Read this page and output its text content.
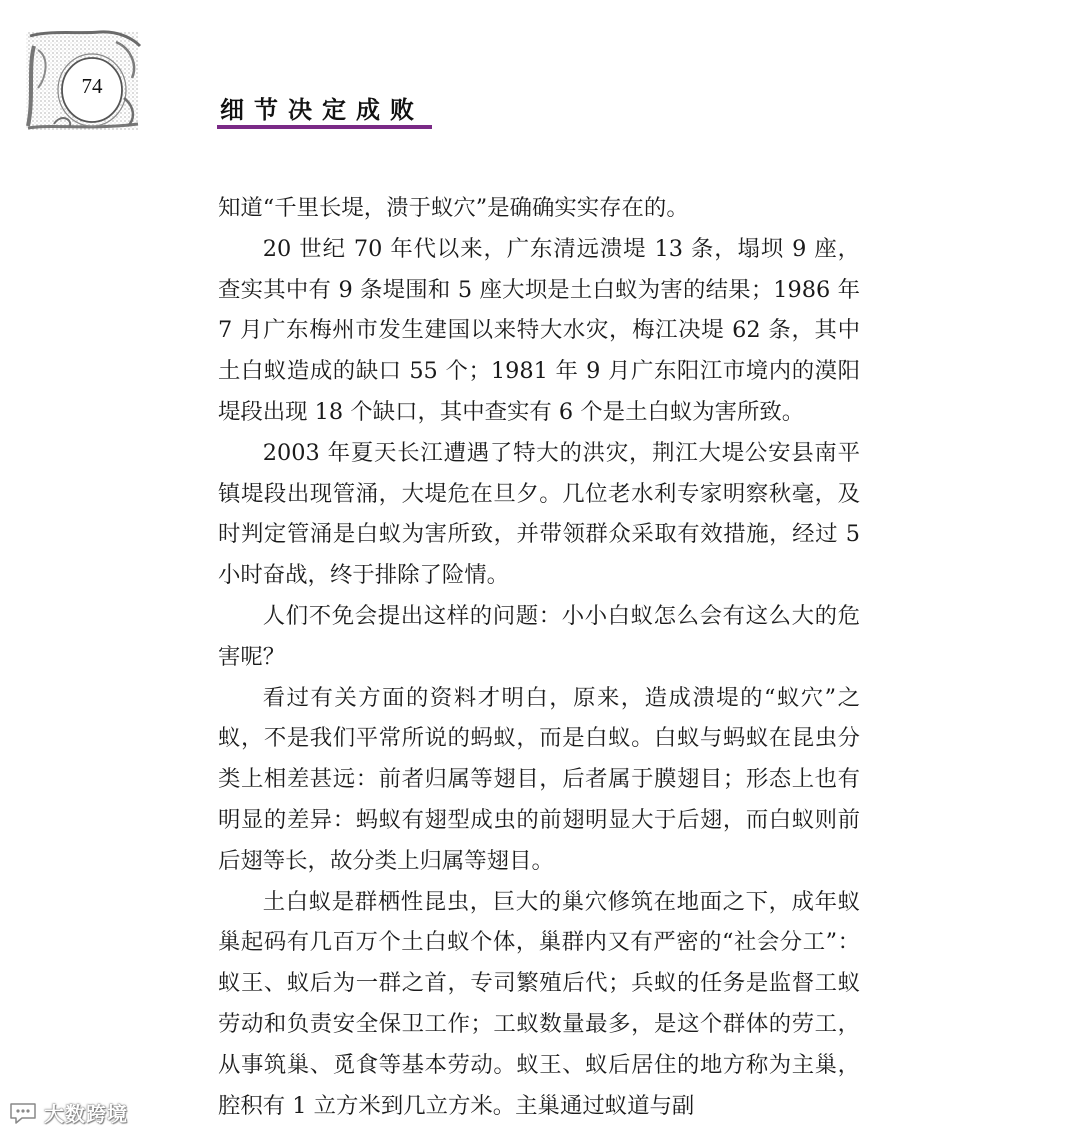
74
细节决定成败

知道“千里长堤，溃于蚁穴”是确确实实存在的。

20 世纪 70 年代以来，广东清远溃堤 13 条，塌坝 9 座，查实其中有 9 条堤围和 5 座大坝是土白蚁为害的结果；1986 年 7 月广东梅州市发生建国以来特大水灾，梅江决堤 62 条，其中土白蚁造成的缺口 55 个；1981 年 9 月广东阳江市境内的漠阳堤段出现 18 个缺口，其中查实有 6 个是土白蚁为害所致。

2003 年夏天长江遭遇了特大的洪灾，荆江大堤公安县南平镇堤段出现管涌，大堤危在旦夕。几位老水利专家明察秋毫，及时判定管涌是白蚁为害所致，并带领群众采取有效措施，经过 5 小时奋战，终于排除了险情。

人们不免会提出这样的问题：小小白蚁怎么会有这么大的危害呢？

看过有关方面的资料才明白，原来，造成溃堤的“蚁穴”之蚁，不是我们平常所说的蚂蚁，而是白蚁。白蚁与蚂蚁在昆虫分类上相差甚远：前者归属等翅目，后者属于膜翅目；形态上也有明显的差异：蚂蚁有翅型成虫的前翅明显大于后翅，而白蚁则前后翅等长，故分类上归属等翅目。

土白蚁是群栖性昆虫，巨大的巢穴修筑在地面之下，成年蚁巢起码有几百万个土白蚁个体，巢群内又有严密的“社会分工”：蚁王、蚁后为一群之首，专司繁殖后代；兵蚁的任务是监督工蚁劳动和负责安全保卫工作；工蚁数量最多，是这个群体的劳工，从事筑巢、觅食等基本劳动。蚁王、蚁后居住的地方称为主巢，腔积有 1 立方米到几立方米。主巢通过蚁道与副

大数跨境
